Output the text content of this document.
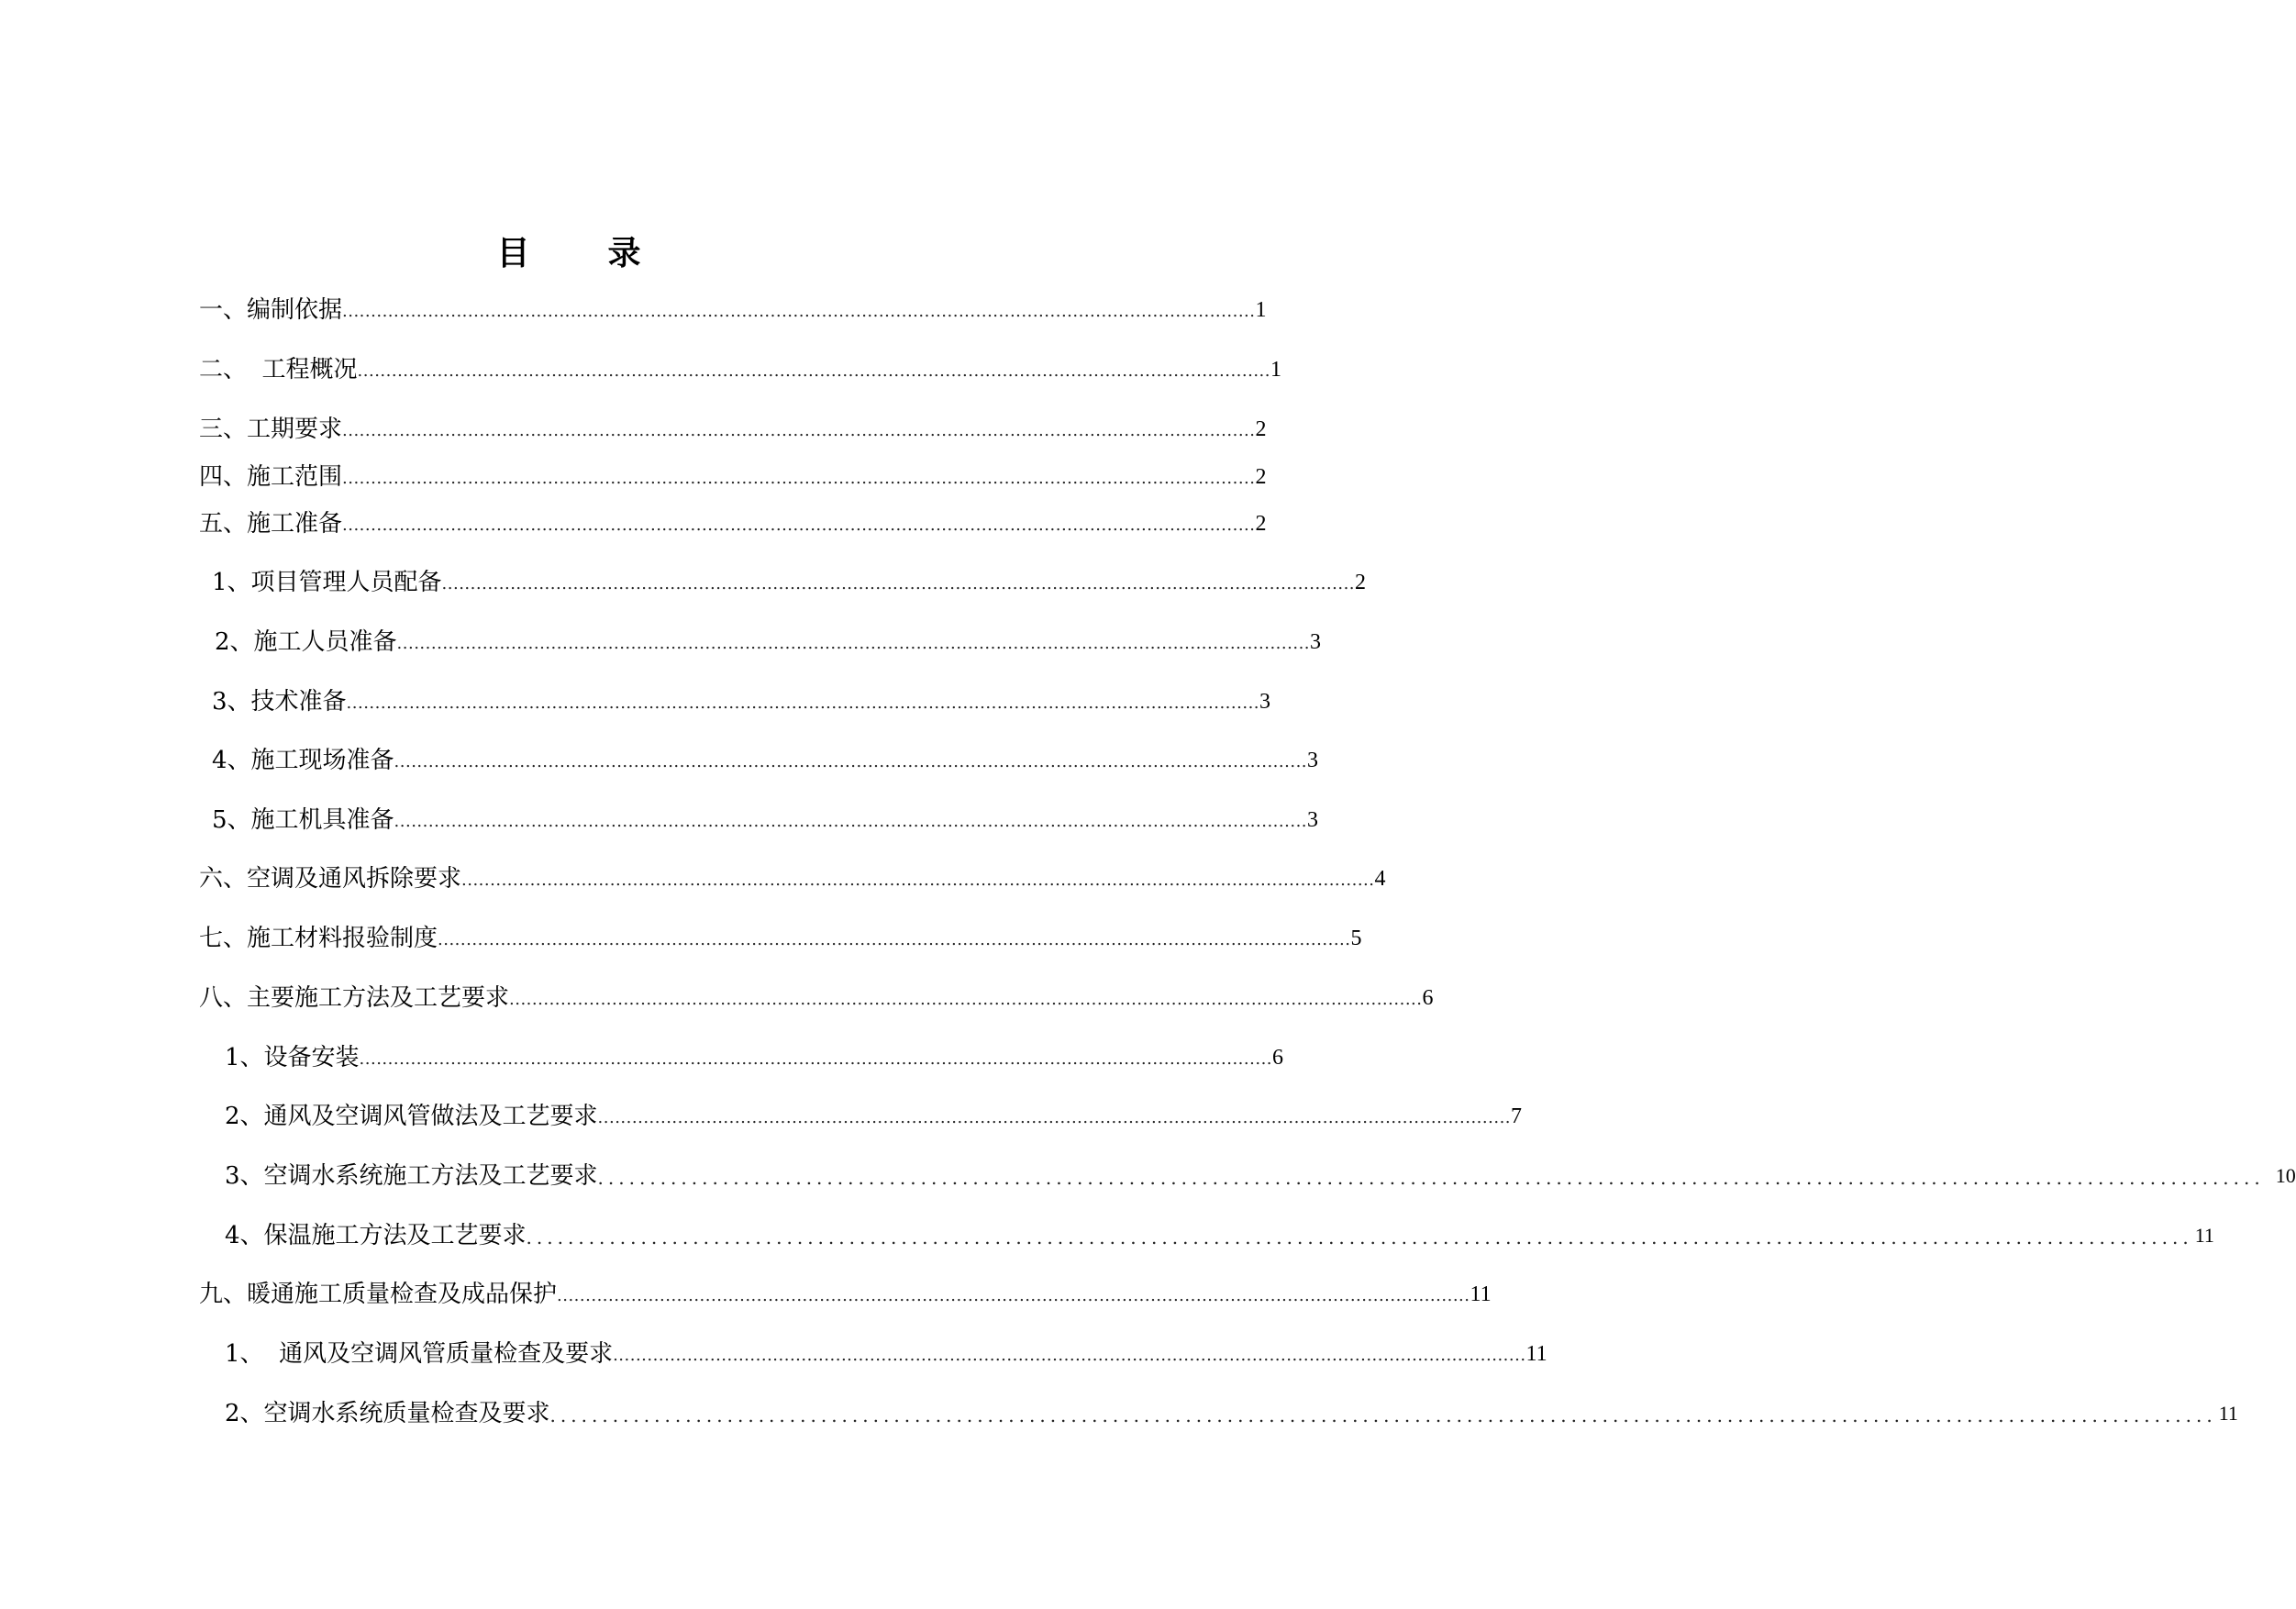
目 录
一、编制依据 ................................................................................................................................................................ 1
二、  工程概况 ................................................................................................................................................................ 1
三、工期要求 ................................................................................................................................................................ 2
四、施工范围 ................................................................................................................................................................ 2
五、施工准备 ................................................................................................................................................................ 2
1、项目管理人员配备 ................................................................................................................................................................ 2
2、施工人员准备 ................................................................................................................................................................ 3
3、技术准备 ................................................................................................................................................................ 3
4、施工现场准备 ................................................................................................................................................................ 3
5、施工机具准备 ................................................................................................................................................................ 3
六、空调及通风拆除要求 ................................................................................................................................................................ 4
七、施工材料报验制度 ................................................................................................................................................................ 5
八、主要施工方法及工艺要求 ................................................................................................................................................................ 6
1、设备安装 ................................................................................................................................................................ 6
2、通风及空调风管做法及工艺要求 ................................................................................................................................................................ 7
3、空调水系统施工方法及工艺要求 ................................................................................................................................................................ 10
4、保温施工方法及工艺要求 ................................................................................................................................................................ 11
九、暖通施工质量检查及成品保护 ................................................................................................................................................................ 11
1、  通风及空调风管质量检查及要求 ................................................................................................................................................................ 11
2、空调水系统质量检查及要求 ................................................................................................................................................................ 11
